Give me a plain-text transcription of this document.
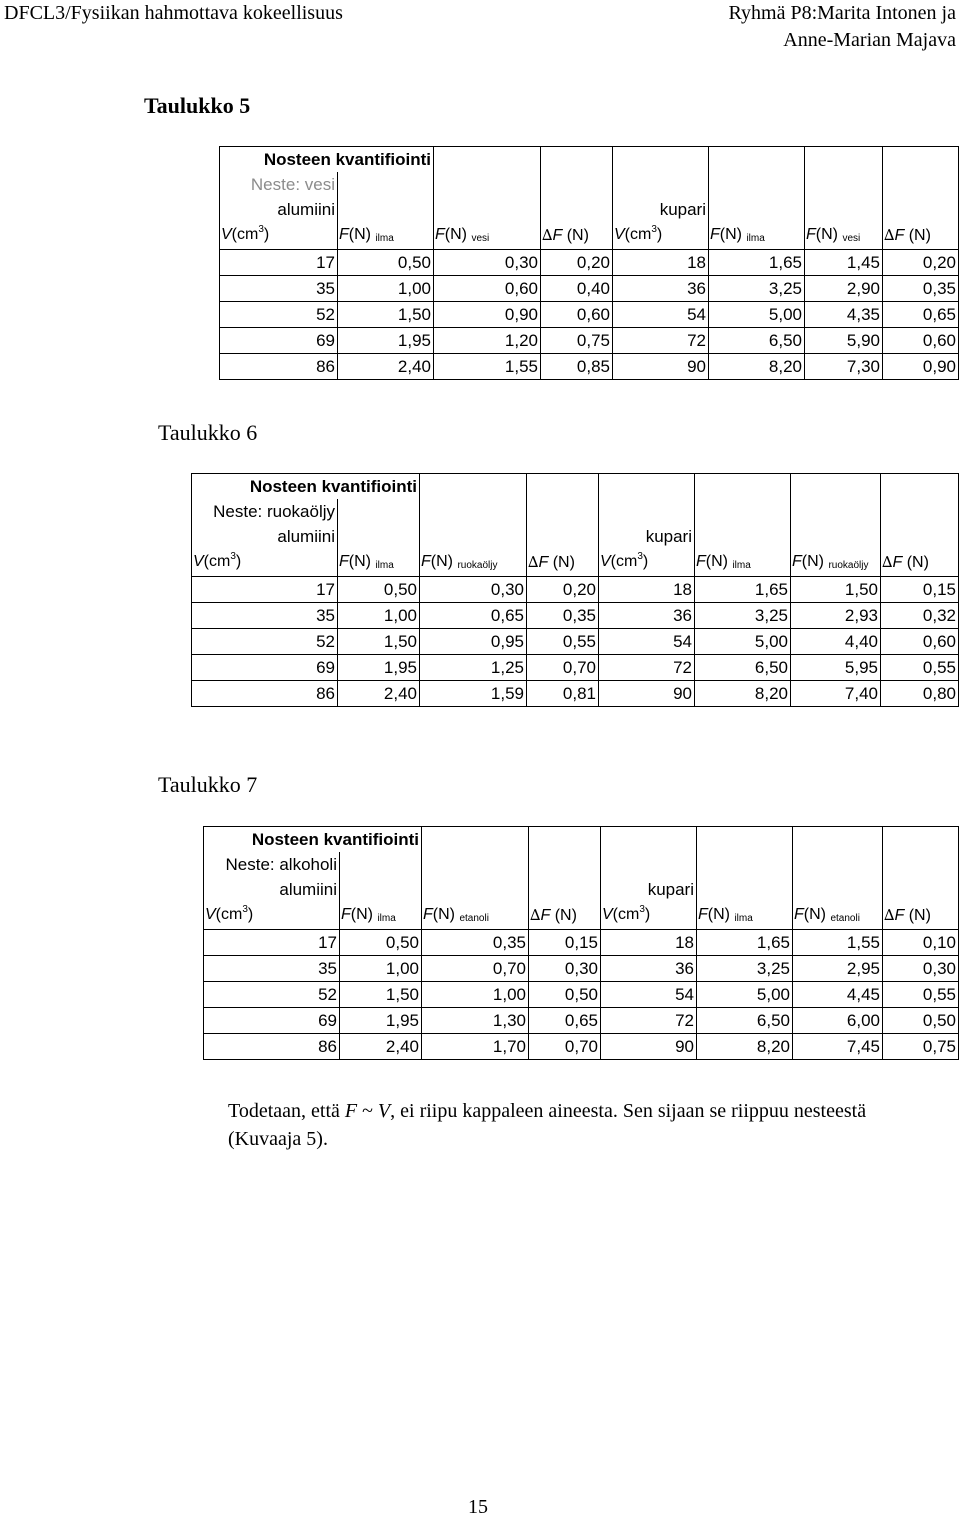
DFCL3/Fysiikan hahmottava kokeellisuus	Ryhmä P8:Marita Intonen ja
Anne-Marian Majava
Taulukko 5
Taulukko 6
Taulukko 7
Nosteen kvantifiointi							
Neste: vesi							
alumiini				kupari			
$V(cm^3)$	F(N) $_{ilma}$	F(N) $_{vesi}$	∆F (N)	$V(cm^3)$	F(N) $_{ilma}$	F(N) $_{vesi}$	∆F (N)
17	0,50	0,30	0,20	18	1,65	1,45	0,20
35	1,00	0,60	0,40	36	3,25	2,90	0,35
52	1,50	0,90	0,60	54	5,00	4,35	0,65
69	1,95	1,20	0,75	72	6,50	5,90	0,60
86	2,40	1,55	0,85	90	8,20	7,30	0,90
Nosteen kvantifiointi							
Neste: ruokaöljy							
alumiini				kupari			
$V(cm^3)$	F(N) $_{ilma}$	F(N) $_{ruokaöljy}$	∆F (N)	$V(cm^3)$	F(N) $_{ilma}$	F(N) $_{ruokaöljy}$	∆F (N)
17	0,50	0,30	0,20	18	1,65	1,50	0,15
35	1,00	0,65	0,35	36	3,25	2,93	0,32
52	1,50	0,95	0,55	54	5,00	4,40	0,60
69	1,95	1,25	0,70	72	6,50	5,95	0,55
86	2,40	1,59	0,81	90	8,20	7,40	0,80
Nosteen kvantifiointi							
Neste: alkoholi							
alumiini				kupari			
$V(cm^3)$	F(N) $_{ilma}$	F(N) $_{etanoli}$	∆F (N)	$V(cm^3)$	F(N) $_{ilma}$	F(N) $_{etanoli}$	∆F (N)
17	0,50	0,35	0,15	18	1,65	1,55	0,10
35	1,00	0,70	0,30	36	3,25	2,95	0,30
52	1,50	1,00	0,50	54	5,00	4,45	0,55
69	1,95	1,30	0,65	72	6,50	6,00	0,50
86	2,40	1,70	0,70	90	8,20	7,45	0,75
Todetaan, että F ~ V, ei riipu kappaleen aineesta. Sen sijaan se riippuu nesteestä (Kuvaaja 5).
15
